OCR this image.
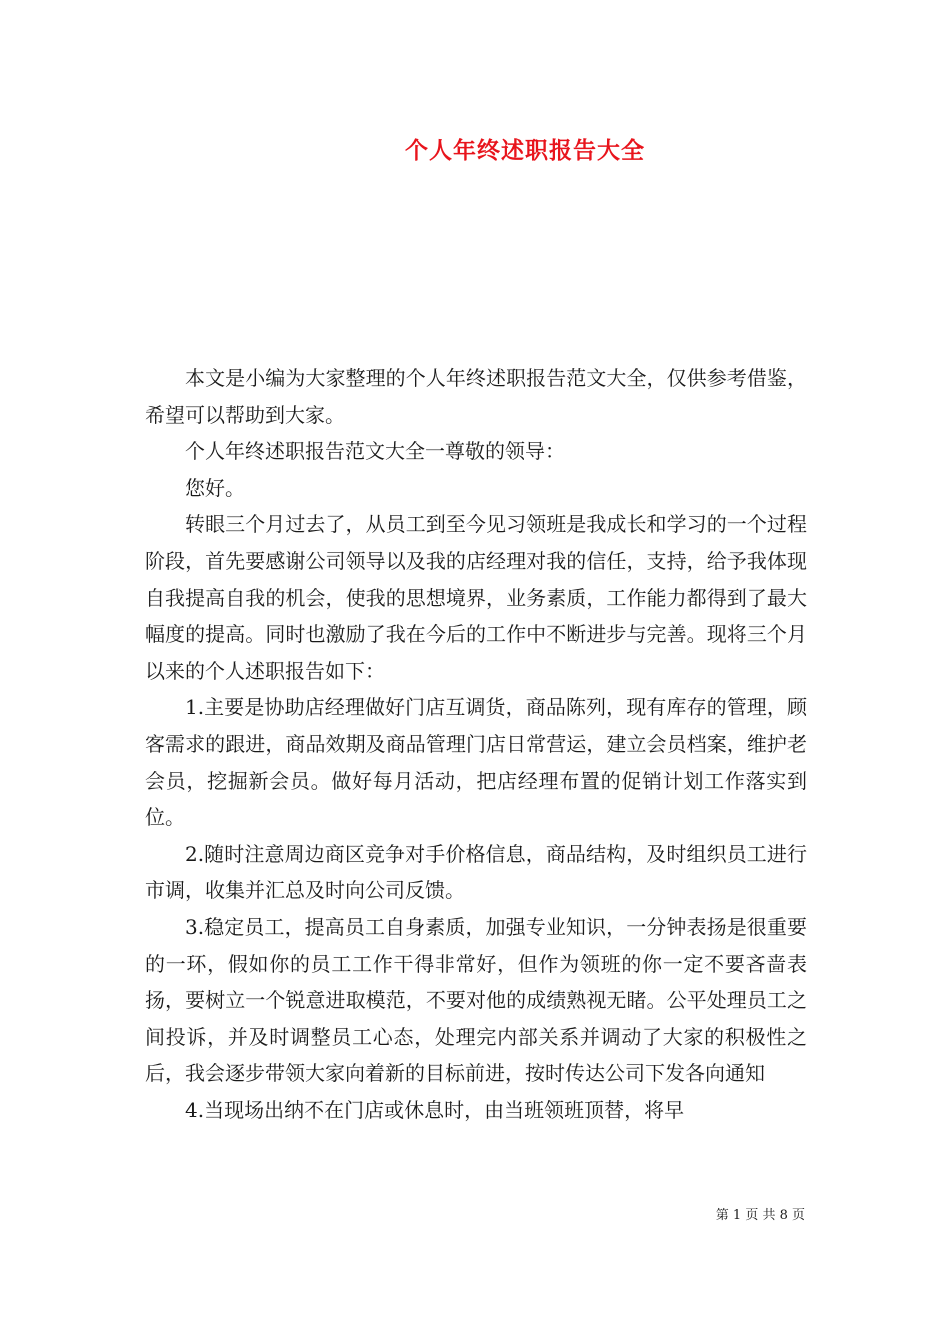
个人年终述职报告大全

本文是小编为大家整理的个人年终述职报告范文大全，仅供参考借鉴，希望可以帮助到大家。

个人年终述职报告范文大全一尊敬的领导：

您好。

转眼三个月过去了，从员工到至今见习领班是我成长和学习的一个过程阶段，首先要感谢公司领导以及我的店经理对我的信任，支持，给予我体现自我提高自我的机会，使我的思想境界，业务素质，工作能力都得到了最大幅度的提高。同时也激励了我在今后的工作中不断进步与完善。现将三个月以来的个人述职报告如下：

1.主要是协助店经理做好门店互调货，商品陈列，现有库存的管理，顾客需求的跟进，商品效期及商品管理门店日常营运，建立会员档案，维护老会员，挖掘新会员。做好每月活动，把店经理布置的促销计划工作落实到位。

2.随时注意周边商区竞争对手价格信息，商品结构，及时组织员工进行市调，收集并汇总及时向公司反馈。

3.稳定员工，提高员工自身素质，加强专业知识，一分钟表扬是很重要的一环，假如你的员工工作干得非常好，但作为领班的你一定不要吝啬表扬，要树立一个锐意进取模范，不要对他的成绩熟视无睹。公平处理员工之间投诉，并及时调整员工心态，处理完内部关系并调动了大家的积极性之后，我会逐步带领大家向着新的目标前进，按时传达公司下发各向通知

4.当现场出纳不在门店或休息时，由当班领班顶替，将早

第 1 页 共 8 页
